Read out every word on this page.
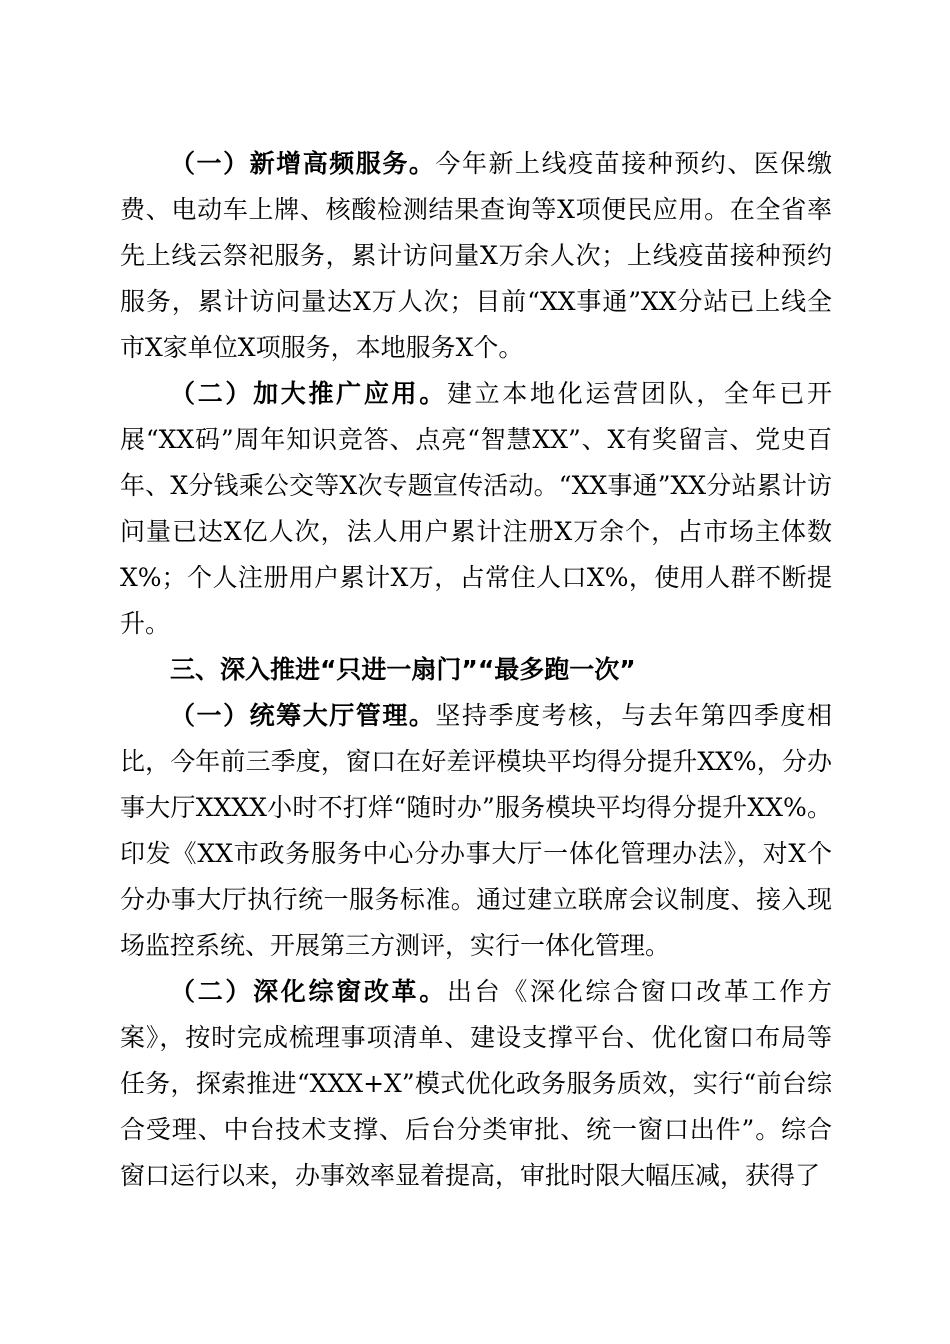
（一）新增高频服务。今年新上线疫苗接种预约、医保缴费、电动车上牌、核酸检测结果查询等X项便民应用。在全省率先上线云祭祀服务，累计访问量X万余人次；上线疫苗接种预约服务，累计访问量达X万人次；目前“XX事通”XX分站已上线全市X家单位X项服务，本地服务X个。

（二）加大推广应用。建立本地化运营团队，全年已开展“XX码”周年知识竞答、点亮“智慧XX”、X有奖留言、党史百年、X分钱乘公交等X次专题宣传活动。“XX事通”XX分站累计访问量已达X亿人次，法人用户累计注册X万余个，占市场主体数X%；个人注册用户累计X万，占常住人口X%，使用人群不断提升。

三、深入推进“只进一扇门”“最多跑一次”

（一）统筹大厅管理。坚持季度考核，与去年第四季度相比，今年前三季度，窗口在好差评模块平均得分提升XX%，分办事大厅XXXX小时不打烊“随时办”服务模块平均得分提升XX%。印发《XX市政务服务中心分办事大厅一体化管理办法》，对X个分办事大厅执行统一服务标准。通过建立联席会议制度、接入现场监控系统、开展第三方测评，实行一体化管理。

（二）深化综窗改革。出台《深化综合窗口改革工作方案》，按时完成梳理事项清单、建设支撑平台、优化窗口布局等任务，探索推进“XXX+X”模式优化政务服务质效，实行“前台综合受理、中台技术支撑、后台分类审批、统一窗口出件”。综合窗口运行以来，办事效率显着提高，审批时限大幅压减，获得了
